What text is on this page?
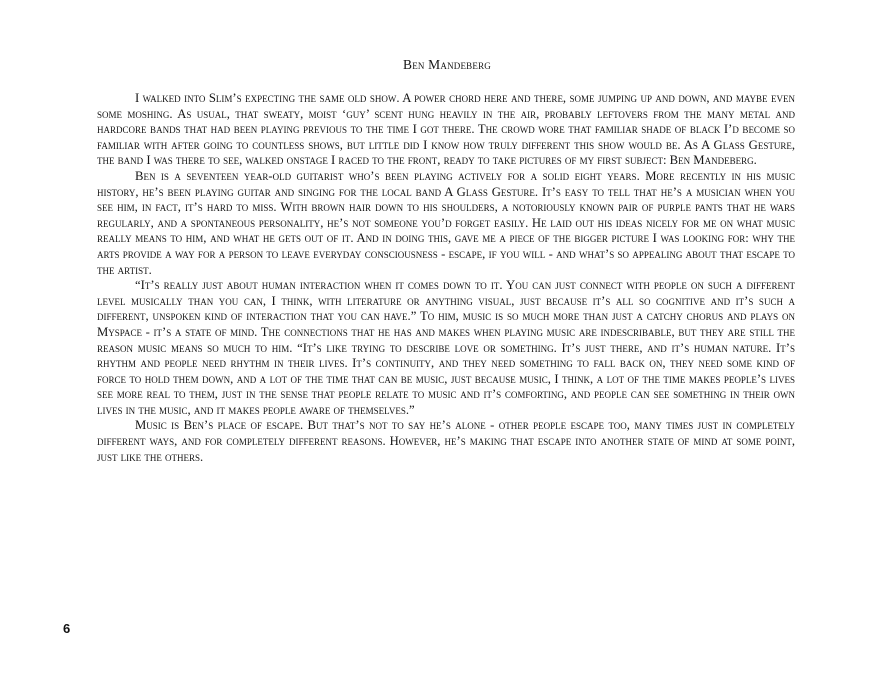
Ben Mandeberg

I walked into Slim’s expecting the same old show. A power chord here and there, some jumping up and down, and maybe even some moshing. As usual, that sweaty, moist ‘guy’ scent hung heavily in the air, probably leftovers from the many metal and hardcore bands that had been playing previous to the time I got there. The crowd wore that familiar shade of black I’d become so familiar with after going to countless shows, but little did I know how truly different this show would be. As A Glass Gesture, the band I was there to see, walked onstage I raced to the front, ready to take pictures of my first subject: Ben Mandeberg.

Ben is a seventeen year-old guitarist who’s been playing actively for a solid eight years. More recently in his music history, he’s been playing guitar and singing for the local band A Glass Gesture. It’s easy to tell that he’s a musician when you see him, in fact, it’s hard to miss. With brown hair down to his shoulders, a notoriously known pair of purple pants that he wars regularly, and a spontaneous personality, he’s not someone you’d forget easily. He laid out his ideas nicely for me on what music really means to him, and what he gets out of it. And in doing this, gave me a piece of the bigger picture I was looking for: why the arts provide a way for a person to leave everyday consciousness - escape, if you will - and what’s so appealing about that escape to the artist.

“It’s really just about human interaction when it comes down to it. You can just connect with people on such a different level musically than you can, I think, with literature or anything visual, just because it’s all so cognitive and it’s such a different, unspoken kind of interaction that you can have.” To him, music is so much more than just a catchy chorus and plays on Myspace - it’s a state of mind. The connections that he has and makes when playing music are indescribable, but they are still the reason music means so much to him. “It’s like trying to describe love or something. It’s just there, and it’s human nature. It’s rhythm and people need rhythm in their lives. It’s continuity, and they need something to fall back on, they need some kind of force to hold them down, and a lot of the time that can be music, just because music, I think, a lot of the time makes people’s lives see more real to them, just in the sense that people relate to music and it’s comforting, and people can see something in their own lives in the music, and it makes people aware of themselves.”

Music is Ben’s place of escape. But that’s not to say he’s alone - other people escape too, many times just in completely different ways, and for completely different reasons. However, he’s making that escape into another state of mind at some point, just like the others.

6
